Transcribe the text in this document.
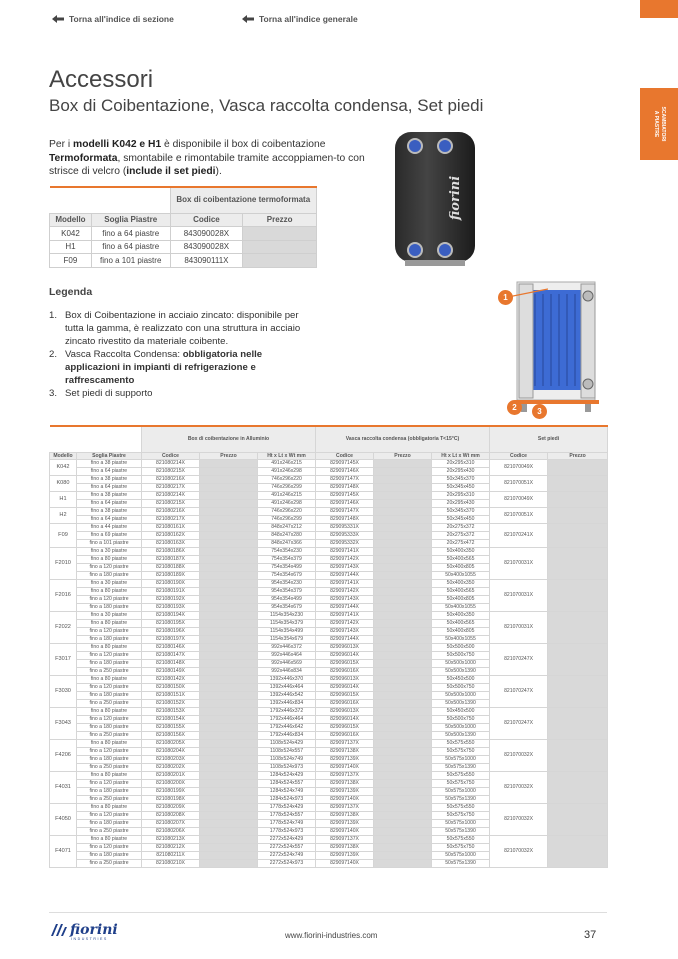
Torna all'indice di sezione	Torna all'indice generale
SCAMBIATORI
A PIASTRE
Accessori
Box di Coibentazione, Vasca raccolta condensa, Set piedi

Per i modelli K042 e H1 è disponibile il box di coibentazione Termoformata, smontabile e rimontabile tramite accoppiamen-to con strisce di velcro (include il set piedi).

		Box di coibentazione termoformata	
Modello	Soglia Piastre	Codice	Prezzo
K042	fino a 64 piastre	843090028X	
H1	fino a 64 piastre	843090028X	
F09	fino a 101 piastre	843090111X	
Legenda
1. Box di Coibentazione in acciaio zincato: disponibile per tutta la gamma, è realizzato con una struttura in acciaio zincato rivestito da materiale coibente.
2. Vasca Raccolta Condensa: obbligatoria nelle applicazioni in impianti di refrigerazione e raffrescamento
3. Set piedi di supporto
fiorini
1
2	3
		Box di coibentazione in Alluminio			Vasca raccolta condensa (obbligatoria T<15°C)			Set piedi	
Modello	Soglia Piastre	Codice	Prezzo	Ht x Lt x Wt mm	Codice	Prezzo	Ht x Lt x Wt mm	Codice	Prezzo
K042	fino a 38 piastre	821080214X		491x246x215	829097145X		20x295x310	821070049X	
	fino a 64 piastre	821080215X		491x246x298	829097146X		20x295x430		
K080	fino a 38 piastre	821080216X		746x296x220	829097147X		50x345x370	821070051X	
	fino a 64 piastre	821080217X		746x296x299	829097148X		50x345x450		
H1	fino a 38 piastre	821080214X		491x246x215	829097145X		20x295x310	821070049X	
	fino a 64 piastre	821080215X		491x246x298	829097146X		20x295x430		
H2	fino a 38 piastre	821080216X		746x296x220	829097147X		50x345x370	821070051X	
	fino a 64 piastre	821080217X		746x296x299	829097148X		50x345x450		
F09	fino a 44 piastre	821080161X		848x247x212	829095331X		20x275x372	821070241X	
	fino a 69 piastre	821080162X		848x247x280	829095333X		20x275x372		
	fino a 101 piastre	821080163X		848x247x366	829095332X		20x275x472		
F2010	fino a 30 piastre	821080186X		754x354x230	829097141X		50x400x350	821070031X	
	fino a 80 piastre	821080187X		754x354x379	829097142X		50x400x565		
	fino a 120 piastre	821080188X		754x354x499	829097143X		50x400x805		
	fino a 180 piastre	821080189X		754x354x679	829097144X		50x400x1055		
F2016	fino a 30 piastre	821080190X		954x354x230	829097141X		50x400x350	821070031X	
	fino a 80 piastre	821080191X		954x354x379	829097142X		50x400x565		
	fino a 120 piastre	821080192X		954x354x499	829097143X		50x400x805		
	fino a 180 piastre	821080193X		954x354x679	829097144X		50x400x1055		
F2022	fino a 30 piastre	821080194X		1154x354x230	829097141X		50x400x350	821070031X	
	fino a 80 piastre	821080195X		1154x354x379	829097142X		50x400x565		
	fino a 120 piastre	821080196X		1154x354x499	829097143X		50x400x805		
	fino a 180 piastre	821080197X		1154x354x679	829097144X		50x400x1055		
F3017	fino a 80 piastre	821080146X		992x446x372	829096013X		50x500x500	821070247X	
	fino a 120 piastre	821080147X		992x446x464	829096014X		50x500x750		
	fino a 180 piastre	821080148X		992x446x569	829096015X		50x500x1000		
	fino a 250 piastre	821080149X		992x446x834	829096016X		50x500x1390		
F3030	fino a 80 piastre	821080142X		1392x446x370	829096013X		50x450x500	821070247X	
	fino a 120 piastre	821080150X		1392x446x464	829096014X		50x500x750		
	fino a 180 piastre	821080151X		1392x446x542	829096015X		50x500x1000		
	fino a 250 piastre	821080152X		1392x446x834	829096016X		50x500x1390		
F3043	fino a 80 piastre	821080153X		1792x446x372	829096013X		50x450x500	821070247X	
	fino a 120 piastre	821080154X		1792x446x464	829096014X		50x500x750		
	fino a 180 piastre	821080155X		1792x446x642	829096015X		50x500x1000		
	fino a 250 piastre	821080156X		1792x446x834	829096016X		50x500x1390		
F4206	fino a 80 piastre	821080205X		1108x524x429	829097137X		50x575x550	821070032X	
	fino a 120 piastre	821080204X		1108x524x557	829097138X		50x575x750		
	fino a 180 piastre	821080203X		1108x524x749	829097139X		50x575x1000		
	fino a 250 piastre	821080202X		1108x524x973	829097140X		50x575x1390		
F4031	fino a 80 piastre	821080201X		1284x524x429	829097137X		50x575x550	821070032X	
	fino a 120 piastre	821080200X		1284x524x557	829097138X		50x575x750		
	fino a 180 piastre	821080199X		1284x524x749	829097139X		50x575x1000		
	fino a 250 piastre	821080198X		1284x524x973	829097140X		50x575x1390		
F4050	fino a 80 piastre	821080209X		1778x524x429	829097137X		50x575x550	821070032X	
	fino a 120 piastre	821080208X		1778x524x557	829097138X		50x575x750		
	fino a 180 piastre	821080207X		1778x524x749	829097139X		50x575x1000		
	fino a 250 piastre	821080206X		1778x524x973	829097140X		50x575x1390		
F4071	fino a 80 piastre	821080213X		2272x524x429	829097137X		50x575x550	821070032X	
	fino a 120 piastre	821080212X		2272x524x557	829097138X		50x575x750		
	fino a 180 piastre	821080211X		2272x524x749	829097139X		50x575x1000		
	fino a 250 piastre	821080210X		2272x524x973	829097140X		50x575x1390		
fiorini
INDUSTRIES	www.fiorini-industries.com	37
